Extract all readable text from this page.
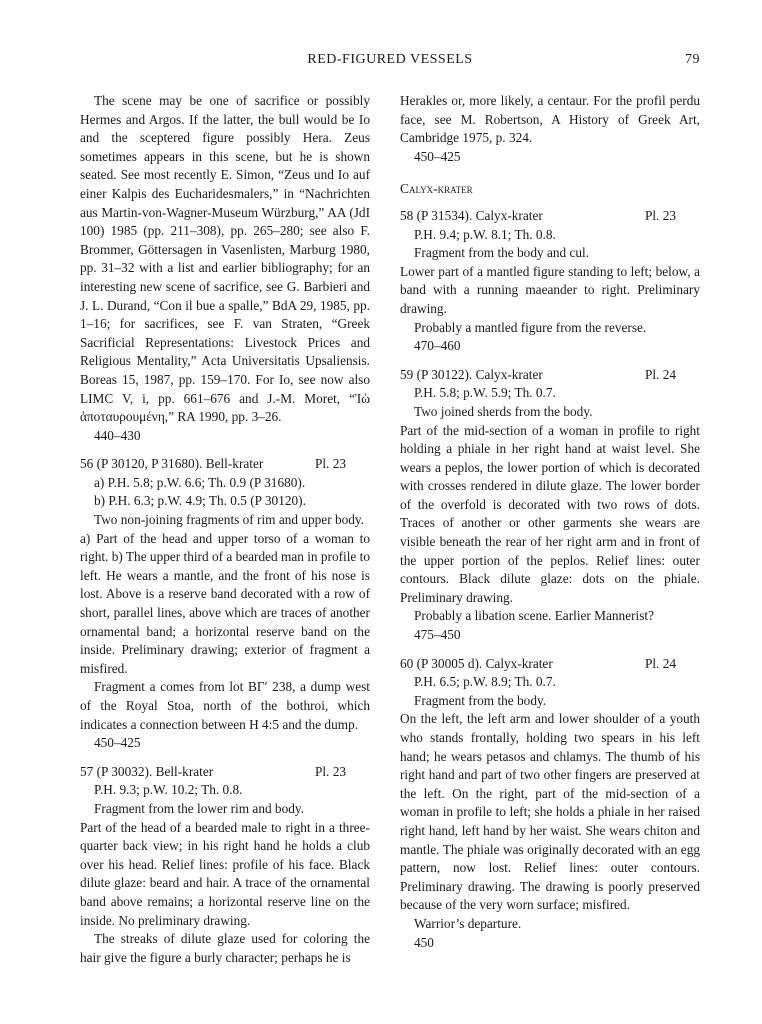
RED-FIGURED VESSELS	79

The scene may be one of sacrifice or possibly Hermes and Argos. If the latter, the bull would be Io and the sceptered figure possibly Hera. Zeus sometimes appears in this scene, but he is shown seated. See most recently E. Simon, “Zeus und Io auf einer Kalpis des Eucharidesmalers,” in “Nachrichten aus Martin-von-Wagner-Museum Würzburg,” AA (JdI 100) 1985 (pp. 211–308), pp. 265–280; see also F. Brommer, Göttersagen in Vasenlisten, Marburg 1980, pp. 31–32 with a list and earlier bibliography; for an interesting new scene of sacrifice, see G. Barbieri and J. L. Durand, “Con il bue a spalle,” BdA 29, 1985, pp. 1–16; for sacrifices, see F. van Straten, “Greek Sacrificial Representations: Livestock Prices and Religious Mentality,” Acta Universitatis Upsaliensis. Boreas 15, 1987, pp. 159–170. For Io, see now also LIMC V, i, pp. 661–676 and J.-M. Moret, “Ἰὼ ἀποταυρουμένη,” RA 1990, pp. 3–26.

440–430

56 (P 30120, P 31680). Bell-krater	Pl. 23

a) P.H. 5.8; p.W. 6.6; Th. 0.9 (P 31680).

b) P.H. 6.3; p.W. 4.9; Th. 0.5 (P 30120).

Two non-joining fragments of rim and upper body.

a) Part of the head and upper torso of a woman to right. b) The upper third of a bearded man in profile to left. He wears a mantle, and the front of his nose is lost. Above is a reserve band decorated with a row of short, parallel lines, above which are traces of another ornamental band; a horizontal reserve band on the inside. Preliminary drawing; exterior of fragment a misfired.

Fragment a comes from lot BΓ′ 238, a dump west of the Royal Stoa, north of the bothroi, which indicates a connection between H 4:5 and the dump.

450–425

57 (P 30032). Bell-krater	Pl. 23

P.H. 9.3; p.W. 10.2; Th. 0.8.

Fragment from the lower rim and body.

Part of the head of a bearded male to right in a three-quarter back view; in his right hand he holds a club over his head. Relief lines: profile of his face. Black dilute glaze: beard and hair. A trace of the ornamental band above remains; a horizontal reserve line on the inside. No preliminary drawing.

The streaks of dilute glaze used for coloring the hair give the figure a burly character; perhaps he is

Herakles or, more likely, a centaur. For the profil perdu face, see M. Robertson, A History of Greek Art, Cambridge 1975, p. 324.

450–425

Calyx-krater
58 (P 31534). Calyx-krater	Pl. 23

P.H. 9.4; p.W. 8.1; Th. 0.8.

Fragment from the body and cul.

Lower part of a mantled figure standing to left; below, a band with a running maeander to right. Preliminary drawing.

Probably a mantled figure from the reverse.

470–460

59 (P 30122). Calyx-krater	Pl. 24

P.H. 5.8; p.W. 5.9; Th. 0.7.

Two joined sherds from the body.

Part of the mid-section of a woman in profile to right holding a phiale in her right hand at waist level. She wears a peplos, the lower portion of which is decorated with crosses rendered in dilute glaze. The lower border of the overfold is decorated with two rows of dots. Traces of another or other garments she wears are visible beneath the rear of her right arm and in front of the upper portion of the peplos. Relief lines: outer contours. Black dilute glaze: dots on the phiale. Preliminary drawing.

Probably a libation scene. Earlier Mannerist?

475–450

60 (P 30005 d). Calyx-krater	Pl. 24

P.H. 6.5; p.W. 8.9; Th. 0.7.

Fragment from the body.

On the left, the left arm and lower shoulder of a youth who stands frontally, holding two spears in his left hand; he wears petasos and chlamys. The thumb of his right hand and part of two other fingers are preserved at the left. On the right, part of the mid-section of a woman in profile to left; she holds a phiale in her raised right hand, left hand by her waist. She wears chiton and mantle. The phiale was originally decorated with an egg pattern, now lost. Relief lines: outer contours. Preliminary drawing. The drawing is poorly preserved because of the very worn surface; misfired.

Warrior’s departure.

450
